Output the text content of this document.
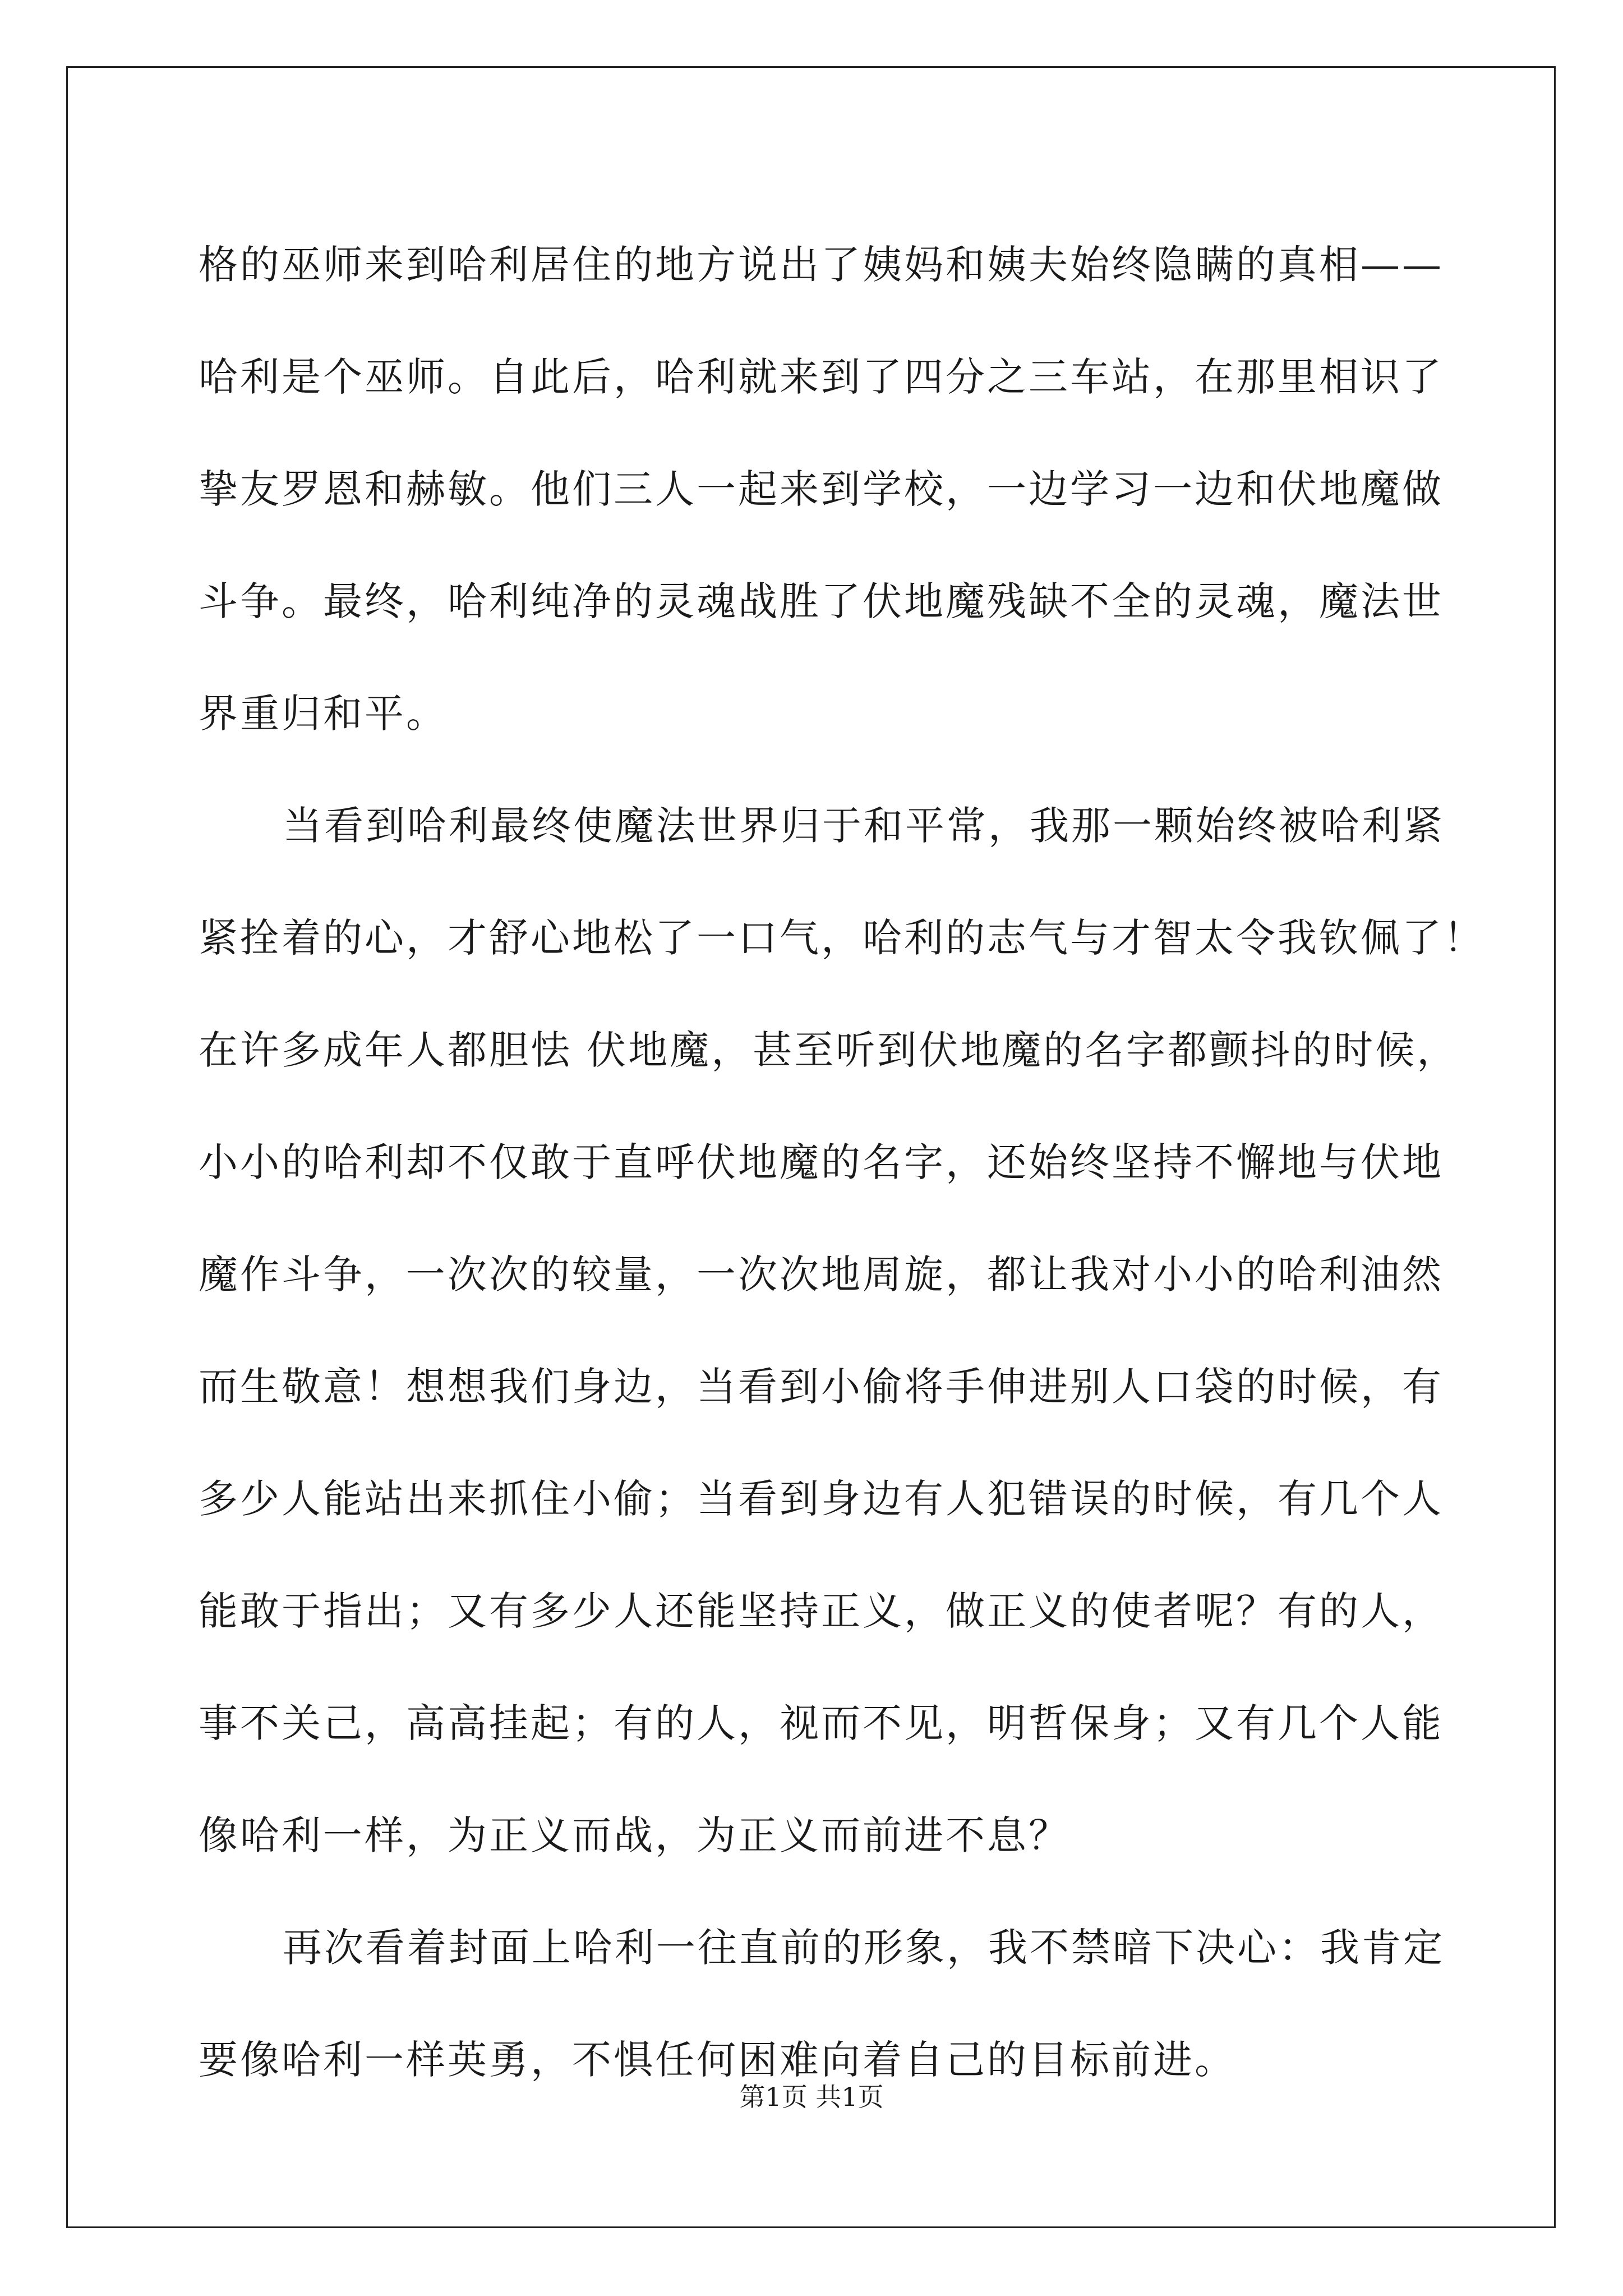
格的巫师来到哈利居住的地方说出了姨妈和姨夫始终隐瞒的真相——
哈利是个巫师。自此后，哈利就来到了四分之三车站，在那里相识了
挚友罗恩和赫敏。他们三人一起来到学校，一边学习一边和伏地魔做
斗争。最终，哈利纯净的灵魂战胜了伏地魔残缺不全的灵魂，魔法世
界重归和平。
当看到哈利最终使魔法世界归于和平常，我那一颗始终被哈利紧
紧拴着的心，才舒心地松了一口气，哈利的志气与才智太令我钦佩了！
在许多成年人都胆怯 伏地魔，甚至听到伏地魔的名字都颤抖的时候，
小小的哈利却不仅敢于直呼伏地魔的名字，还始终坚持不懈地与伏地
魔作斗争，一次次的较量，一次次地周旋，都让我对小小的哈利油然
而生敬意！想想我们身边，当看到小偷将手伸进别人口袋的时候，有
多少人能站出来抓住小偷；当看到身边有人犯错误的时候，有几个人
能敢于指出；又有多少人还能坚持正义，做正义的使者呢？有的人，
事不关己，高高挂起；有的人，视而不见，明哲保身；又有几个人能
像哈利一样，为正义而战，为正义而前进不息？
再次看着封面上哈利一往直前的形象，我不禁暗下决心：我肯定
要像哈利一样英勇，不惧任何困难向着自己的目标前进。
第1页 共1页
